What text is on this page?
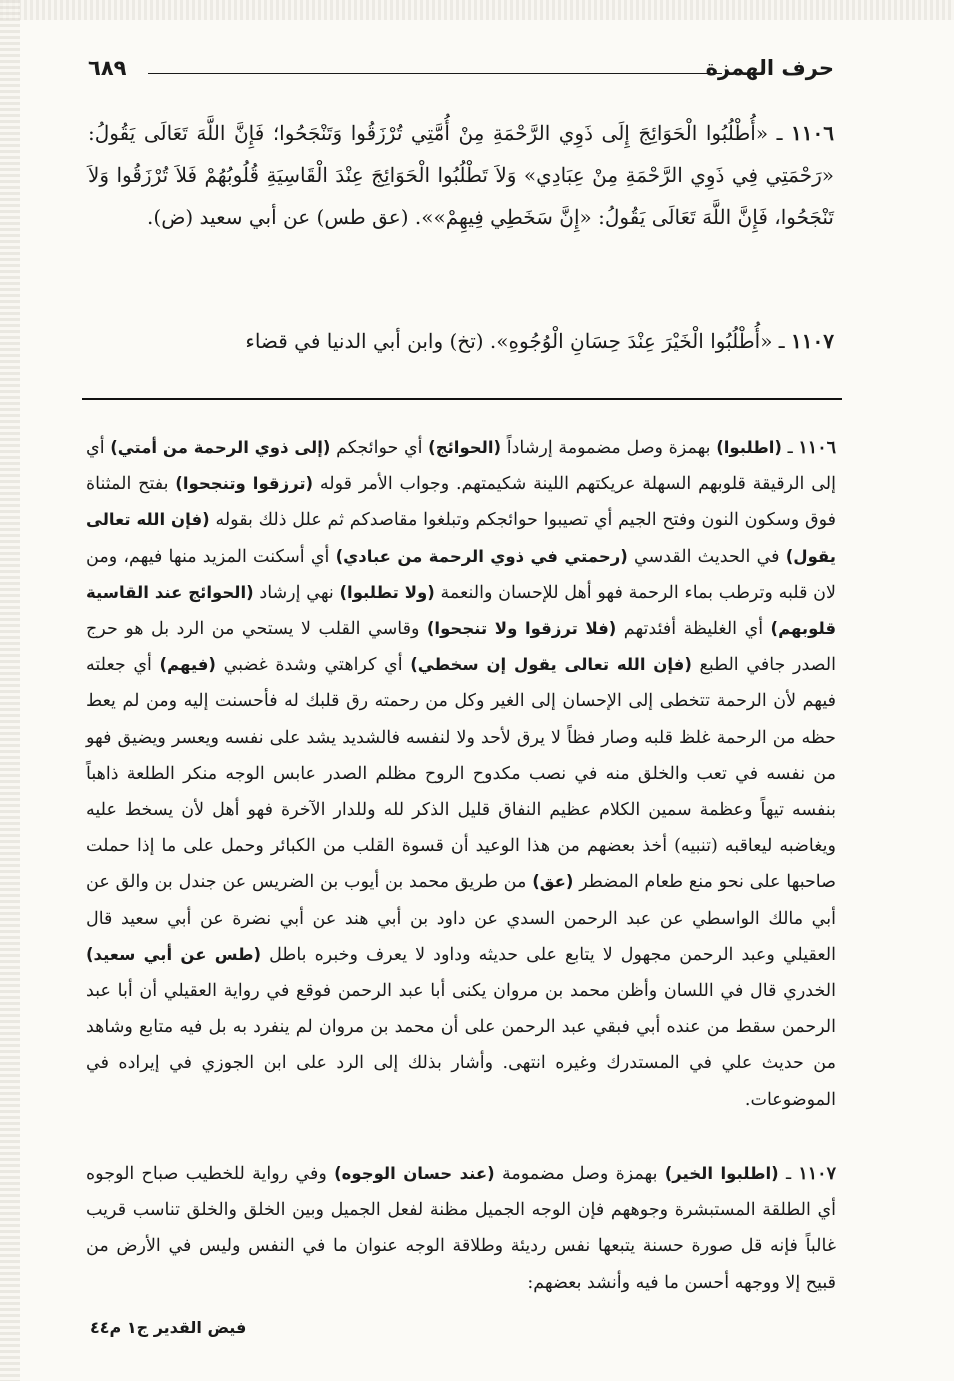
حرف الهمزة
٦٨٩
١١٠٦ ـ «أُطْلُبُوا الْحَوَائِجَ إِلَى ذَوِي الرَّحْمَةِ مِنْ أُمَّتِي تُرْزَقُوا وَتَنْجَحُوا؛ فَإِنَّ اللَّهَ تَعَالَى يَقُولُ: «رَحْمَتِي فِي ذَوِي الرَّحْمَةِ مِنْ عِبَادِي» وَلاَ تَطْلُبُوا الْحَوَائِجَ عِنْدَ الْقَاسِيَةِ قُلُوبُهُمْ فَلاَ تُرْزَقُوا وَلاَ تَنْجَحُوا، فَإِنَّ اللَّهَ تَعَالَى يَقُولُ: «إِنَّ سَخَطِي فِيهِمْ»». (عق طس) عن أبي سعيد (ض).
١١٠٧ ـ «أُطْلُبُوا الْخَيْرَ عِنْدَ حِسَانِ الْوُجُوهِ». (تخ) وابن أبي الدنيا في قضاء
١١٠٦ ـ (اطلبوا) بهمزة وصل مضمومة إرشاداً (الحوائج) أي حوائجكم (إلى ذوي الرحمة من أمتي) أي إلى الرقيقة قلوبهم السهلة عريكتهم اللينة شكيمتهم. وجواب الأمر قوله (ترزقوا وتنجحوا) بفتح المثناة فوق وسكون النون وفتح الجيم أي تصيبوا حوائجكم وتبلغوا مقاصدكم ثم علل ذلك بقوله (فإن الله تعالى يقول) في الحديث القدسي (رحمتي في ذوي الرحمة من عبادي) أي أسكنت المزيد منها فيهم، ومن لان قلبه وترطب بماء الرحمة فهو أهل للإحسان والنعمة (ولا تطلبوا) نهي إرشاد (الحوائج عند القاسية قلوبهم) أي الغليظة أفئدتهم (فلا ترزقوا ولا تنجحوا) وقاسي القلب لا يستحي من الرد بل هو حرج الصدر جافي الطبع (فإن الله تعالى يقول إن سخطي) أي كراهتي وشدة غضبي (فيهم) أي جعلته فيهم لأن الرحمة تتخطى إلى الإحسان إلى الغير وكل من رحمته رق قلبك له فأحسنت إليه ومن لم يعط حظه من الرحمة غلظ قلبه وصار فظاً لا يرق لأحد ولا لنفسه فالشديد يشد على نفسه ويعسر ويضيق فهو من نفسه في تعب والخلق منه في نصب مكدوح الروح مظلم الصدر عابس الوجه منكر الطلعة ذاهباً بنفسه تيهاً وعظمة سمين الكلام عظيم النفاق قليل الذكر لله وللدار الآخرة فهو أهل لأن يسخط عليه ويغاضبه ليعاقبه (تنبيه) أخذ بعضهم من هذا الوعيد أن قسوة القلب من الكبائر وحمل على ما إذا حملت صاحبها على نحو منع طعام المضطر (عق) من طريق محمد بن أيوب بن الضريس عن جندل بن والق عن أبي مالك الواسطي عن عبد الرحمن السدي عن داود بن أبي هند عن أبي نضرة عن أبي سعيد قال العقيلي وعبد الرحمن مجهول لا يتابع على حديثه وداود لا يعرف وخبره باطل (طس عن أبي سعيد) الخدري قال في اللسان وأظن محمد بن مروان يكنى أبا عبد الرحمن فوقع في رواية العقيلي أن أبا عبد الرحمن سقط من عنده أبي فبقي عبد الرحمن على أن محمد بن مروان لم ينفرد به بل فيه متابع وشاهد من حديث علي في المستدرك وغيره انتهى. وأشار بذلك إلى الرد على ابن الجوزي في إيراده في الموضوعات.
١١٠٧ ـ (اطلبوا الخير) بهمزة وصل مضمومة (عند حسان الوجوه) وفي رواية للخطيب صباح الوجوه أي الطلقة المستبشرة وجوههم فإن الوجه الجميل مظنة لفعل الجميل وبين الخلق والخلق تناسب قريب غالباً فإنه قل صورة حسنة يتبعها نفس رديئة وطلاقة الوجه عنوان ما في النفس وليس في الأرض من قبيح إلا ووجهه أحسن ما فيه وأنشد بعضهم:
فيض القدير ج١ م٤٤
